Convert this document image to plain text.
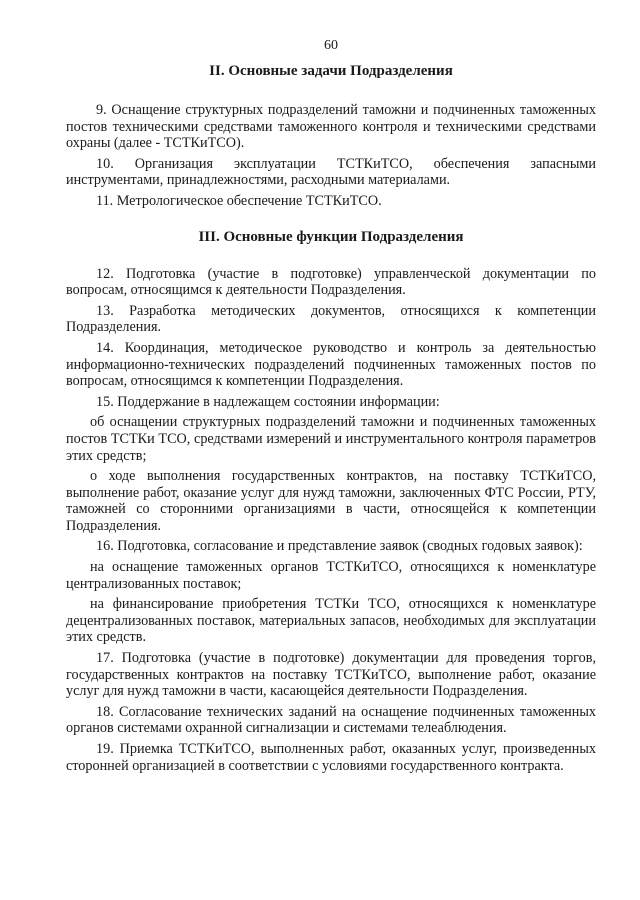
60
II. Основные задачи Подразделения

9. Оснащение структурных подразделений таможни и подчиненных таможенных постов техническими средствами таможенного контроля и техническими средствами охраны (далее - ТСТКиТСО).

10. Организация эксплуатации ТСТКиТСО, обеспечения запасными инструментами, принадлежностями, расходными материалами.

11. Метрологическое обеспечение ТСТКиТСО.

III. Основные функции Подразделения

12. Подготовка (участие в подготовке) управленческой документации по вопросам, относящимся к деятельности Подразделения.

13. Разработка методических документов, относящихся к компетенции Подразделения.

14. Координация, методическое руководство и контроль за деятельностью информационно-технических подразделений подчиненных таможенных постов по вопросам, относящимся к компетенции Подразделения.

15. Поддержание в надлежащем состоянии информации:

об оснащении структурных подразделений таможни и подчиненных таможенных постов ТСТКи ТСО, средствами измерений и инструментального контроля параметров этих средств;

о ходе выполнения государственных контрактов, на поставку ТСТКиТСО, выполнение работ, оказание услуг для нужд таможни, заключенных ФТС России, РТУ, таможней со сторонними организациями в части, относящейся к компетенции Подразделения.

16. Подготовка, согласование и представление заявок (сводных годовых заявок):

на оснащение таможенных органов ТСТКиТСО, относящихся к номенклатуре централизованных поставок;

на финансирование приобретения ТСТКи ТСО, относящихся к номенклатуре децентрализованных поставок, материальных запасов, необходимых для эксплуатации этих средств.

17. Подготовка (участие в подготовке) документации для проведения торгов, государственных контрактов на поставку ТСТКиТСО, выполнение работ, оказание услуг для нужд таможни в части, касающейся деятельности Подразделения.

18. Согласование технических заданий на оснащение подчиненных таможенных органов системами охранной сигнализации и системами телеаблюдения.

19. Приемка ТСТКиТСО, выполненных работ, оказанных услуг, произведенных сторонней организацией в соответствии с условиями государственного контракта.
